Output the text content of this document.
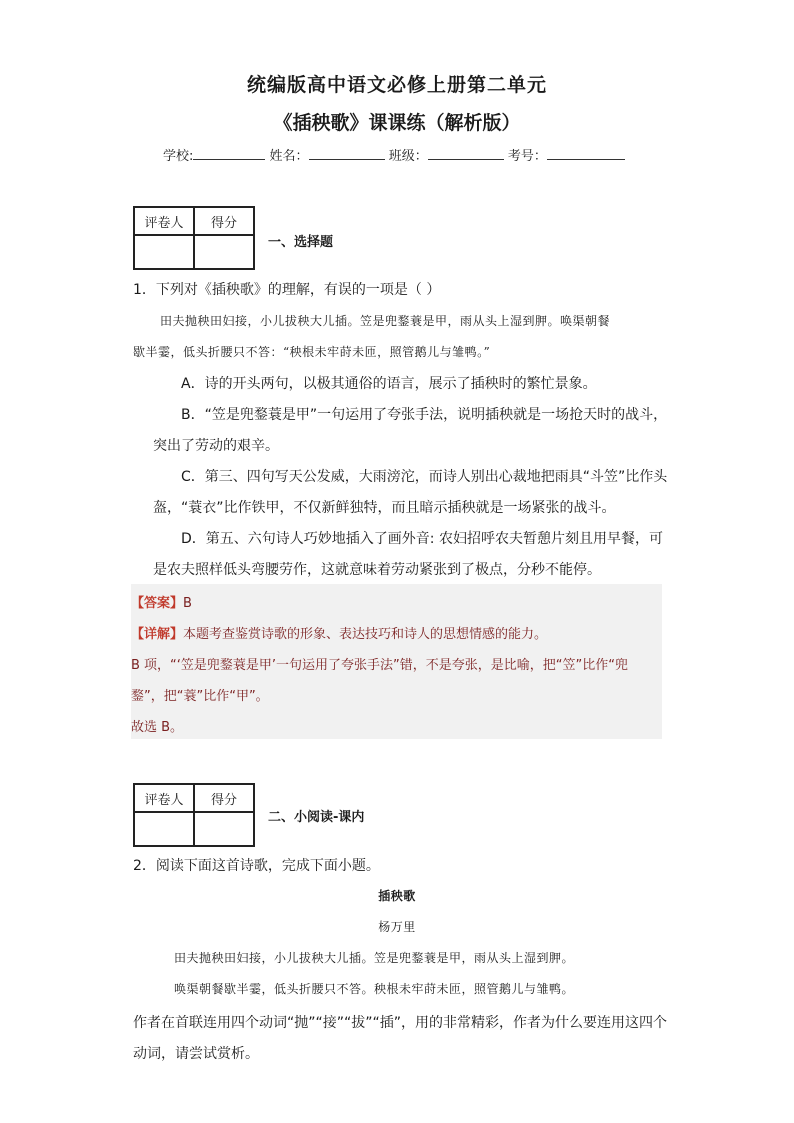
统编版高中语文必修上册第二单元
《插秧歌》课课练（解析版）
学校:	姓名：	班级：	考号：
评卷人	得分

一、选择题
1．下列对《插秧歌》的理解，有误的一项是（ ）
田夫抛秧田妇接，小儿拔秧大儿插。笠是兜鍪蓑是甲，雨从头上湿到胛。唤渠朝餐
歇半霎，低头折腰只不答：“秧根未牢莳未匝，照管鹅儿与雏鸭。”
A．诗的开头两句，以极其通俗的语言，展示了插秧时的繁忙景象。
B．“笠是兜鍪蓑是甲”一句运用了夸张手法，说明插秧就是一场抢天时的战斗，
突出了劳动的艰辛。
C．第三、四句写天公发威，大雨滂沱，而诗人别出心裁地把雨具“斗笠”比作头
盔，“蓑衣”比作铁甲，不仅新鲜独特，而且暗示插秧就是一场紧张的战斗。
D．第五、六句诗人巧妙地插入了画外音: 农妇招呼农夫暂憩片刻且用早餐，可
是农夫照样低头弯腰劳作，这就意味着劳动紧张到了极点，分秒不能停。
【答案】B
【详解】本题考查鉴赏诗歌的形象、表达技巧和诗人的思想情感的能力。
B 项，“‘笠是兜鍪蓑是甲’一句运用了夸张手法”错，不是夸张，是比喻，把“笠”比作“兜
鍪”，把“蓑”比作“甲”。
故选 B。
评卷人	得分

二、小阅读-课内
2．阅读下面这首诗歌，完成下面小题。
插秧歌
杨万里
田夫抛秧田妇接，小儿拔秧大儿插。笠是兜鍪蓑是甲，雨从头上湿到胛。
唤渠朝餐歇半霎，低头折腰只不答。秧根未牢莳未匝，照管鹅儿与雏鸭。
作者在首联连用四个动词“抛”“接”“拔”“插”，用的非常精彩，作者为什么要连用这四个
动词，请尝试赏析。
